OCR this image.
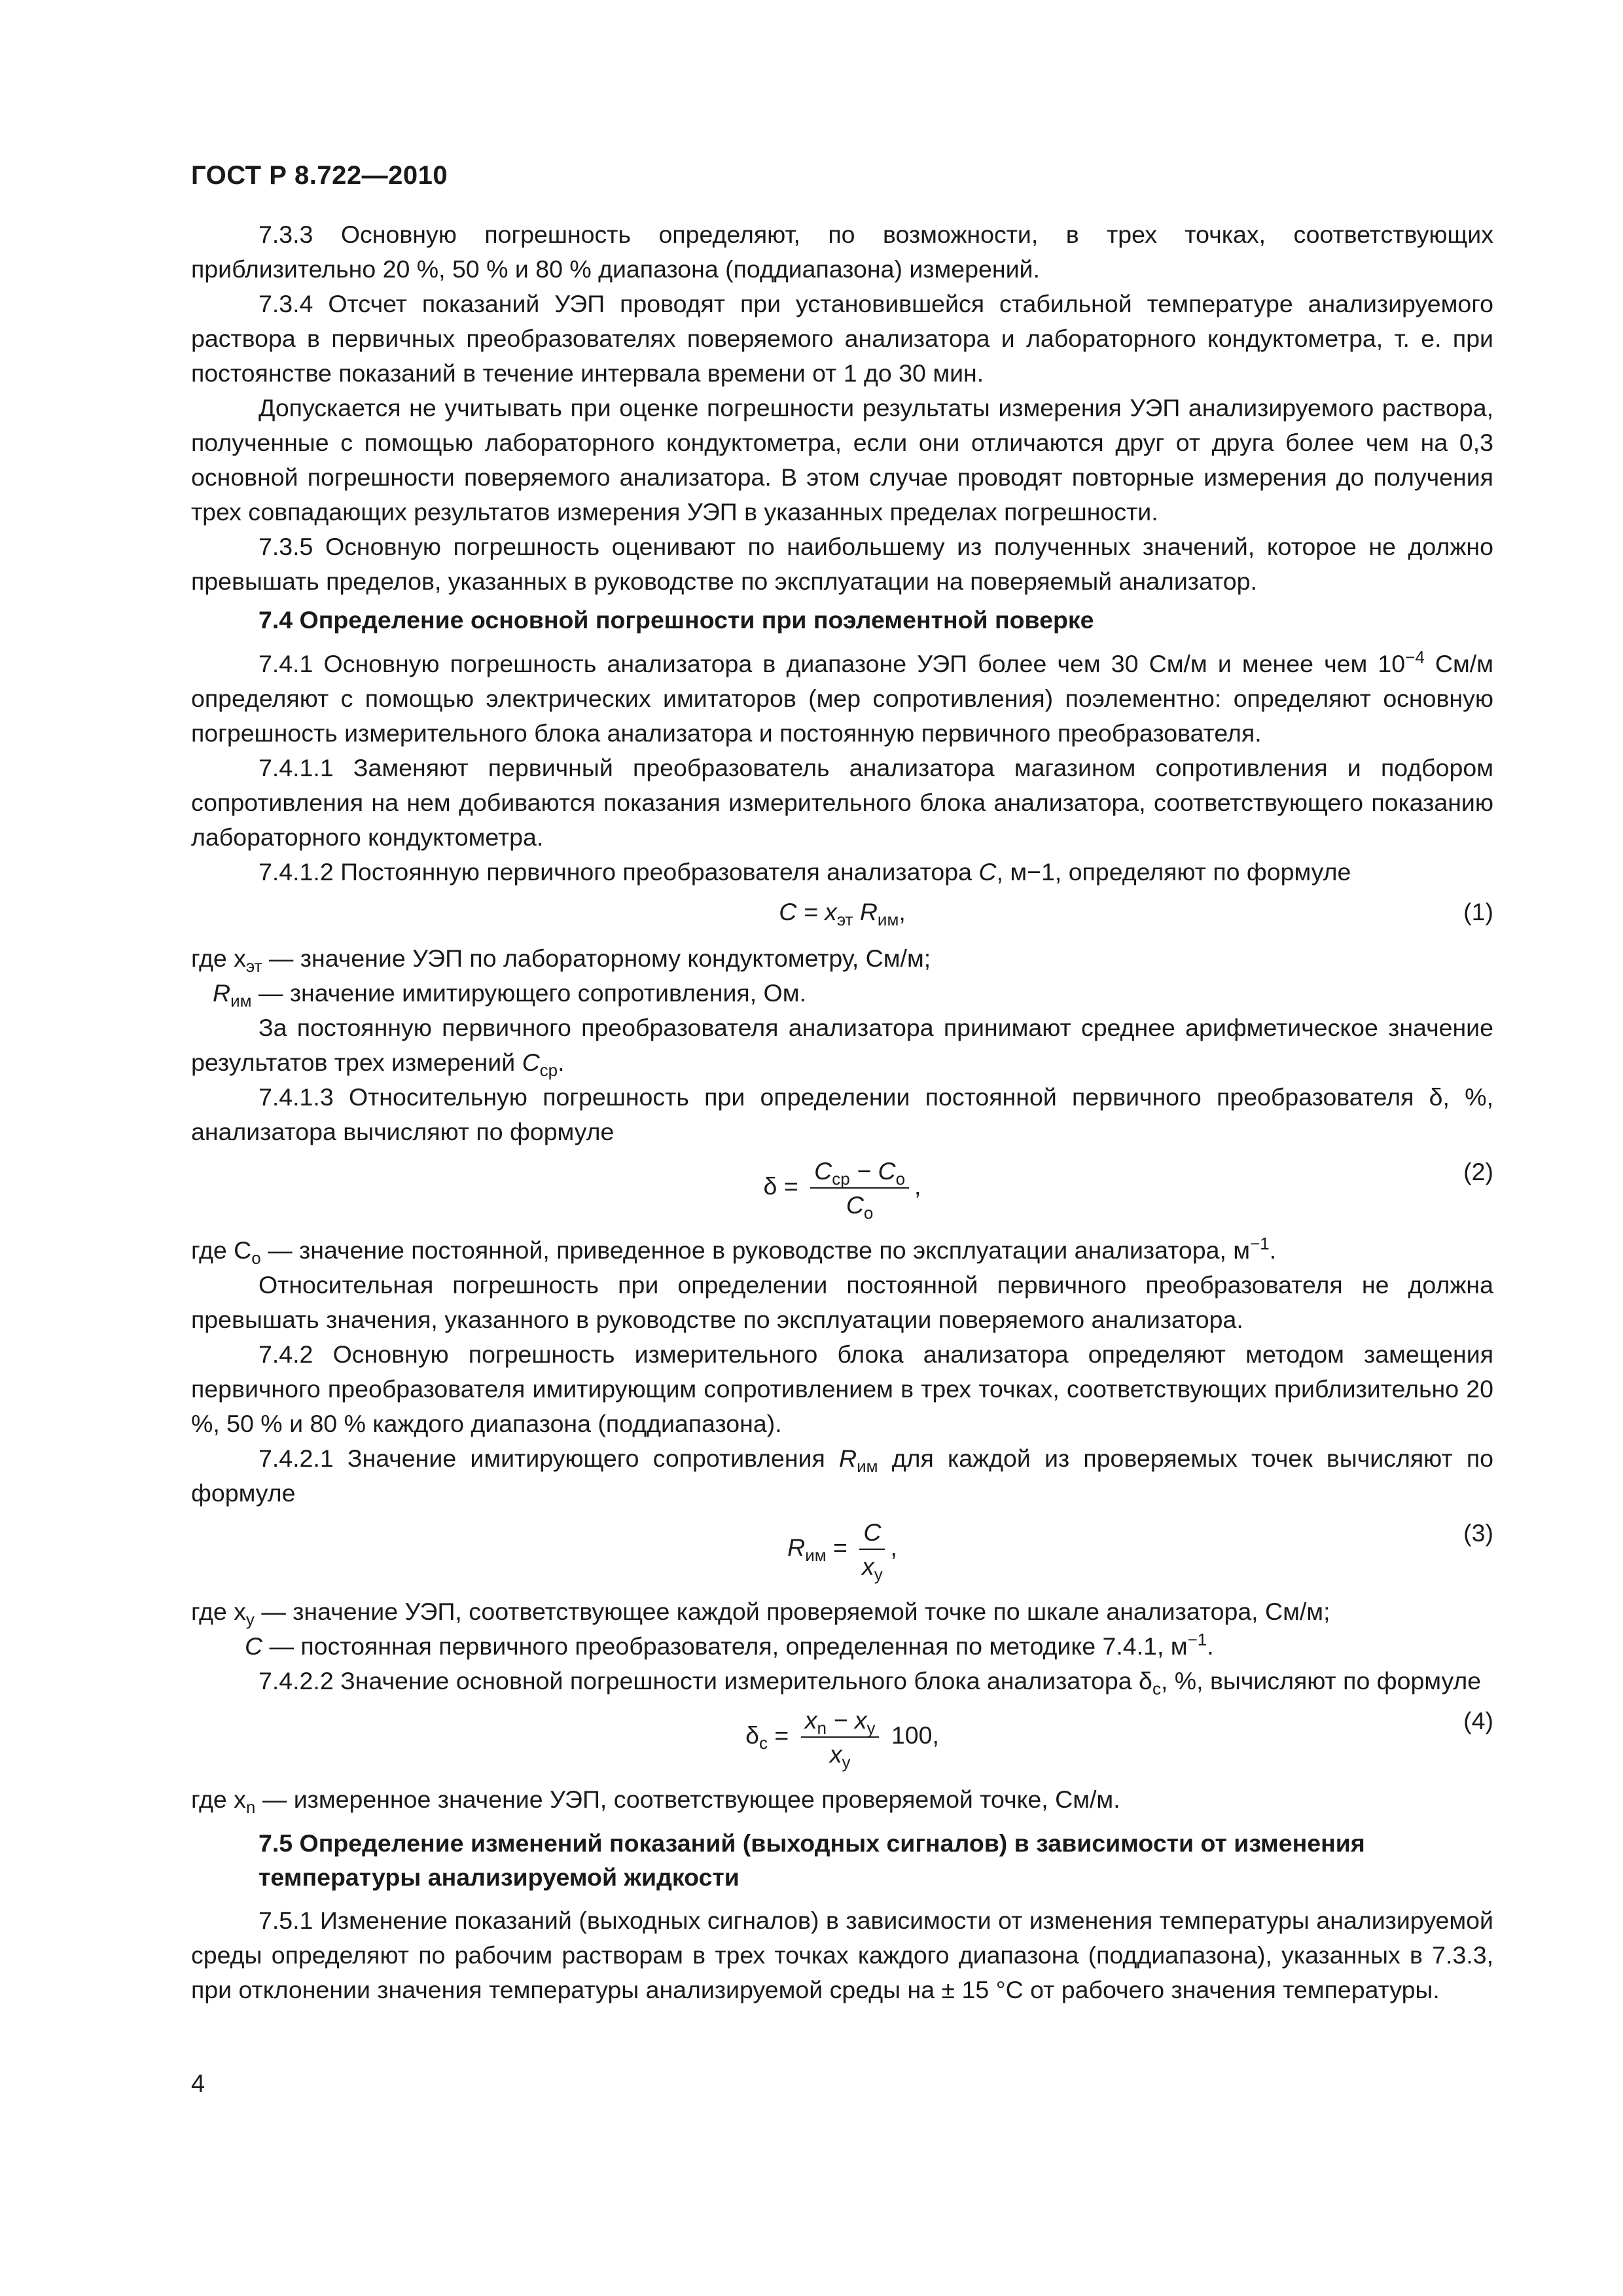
ГОСТ Р 8.722—2010

7.3.3 Основную погрешность определяют, по возможности, в трех точках, соответствующих приблизительно 20 %, 50 % и 80 % диапазона (поддиапазона) измерений.

7.3.4 Отсчет показаний УЭП проводят при установившейся стабильной температуре анализируемого раствора в первичных преобразователях поверяемого анализатора и лабораторного кондуктометра, т. е. при постоянстве показаний в течение интервала времени от 1 до 30 мин.

Допускается не учитывать при оценке погрешности результаты измерения УЭП анализируемого раствора, полученные с помощью лабораторного кондуктометра, если они отличаются друг от друга более чем на 0,3 основной погрешности поверяемого анализатора. В этом случае проводят повторные измерения до получения трех совпадающих результатов измерения УЭП в указанных пределах погрешности.

7.3.5 Основную погрешность оценивают по наибольшему из полученных значений, которое не должно превышать пределов, указанных в руководстве по эксплуатации на поверяемый анализатор.

7.4 Определение основной погрешности при поэлементной поверке

7.4.1 Основную погрешность анализатора в диапазоне УЭП более чем 30 См/м и менее чем $10^{-4}$ См/м определяют с помощью электрических имитаторов (мер сопротивления) поэлементно: определяют основную погрешность измерительного блока анализатора и постоянную первичного преобразователя.

7.4.1.1 Заменяют первичный преобразователь анализатора магазином сопротивления и подбором сопротивления на нем добиваются показания измерительного блока анализатора, соответствующего показанию лабораторного кондуктометра.

7.4.1.2 Постоянную первичного преобразователя анализатора C, м−1, определяют по формуле

$C = x_{эт}$ $R_{им}$,	(1)

где $x_{эт}$ — значение УЭП по лабораторному кондуктометру, См/м;

$R_{им}$ — значение имитирующего сопротивления, Ом.

За постоянную первичного преобразователя анализатора принимают среднее арифметическое значение результатов трех измерений $C_{ср}$.

7.4.1.3 Относительную погрешность при определении постоянной первичного преобразователя δ, %, анализатора вычисляют по формуле

$\delta = \frac{C_{ср} - C_о}{C_о}$ ,
(2)

где $C_о$ — значение постоянной, приведенное в руководстве по эксплуатации анализатора, $м^{-1}$.

Относительная погрешность при определении постоянной первичного преобразователя не должна превышать значения, указанного в руководстве по эксплуатации поверяемого анализатора.

7.4.2 Основную погрешность измерительного блока анализатора определяют методом замещения первичного преобразователя имитирующим сопротивлением в трех точках, соответствующих приблизительно 20 %, 50 % и 80 % каждого диапазона (поддиапазона).

7.4.2.1 Значение имитирующего сопротивления $R_{им}$ для каждой из проверяемых точек вычисляют по формуле

$R_{им} = \frac{C}{x_y}$ ,
(3)

где $x_y$ — значение УЭП, соответствующее каждой проверяемой точке по шкале анализатора, См/м;

C — постоянная первичного преобразователя, определенная по методике 7.4.1, $м^{-1}$.

7.4.2.2 Значение основной погрешности измерительного блока анализатора $\delta_c$, %, вычисляют по формуле

$\delta_c = \frac{x_n - x_y}{x_y} 100$,
(4)

где $x_n$ — измеренное значение УЭП, соответствующее проверяемой точке, См/м.

7.5 Определение изменений показаний (выходных сигналов) в зависимости от изменения температуры анализируемой жидкости

7.5.1 Изменение показаний (выходных сигналов) в зависимости от изменения температуры анализируемой среды определяют по рабочим растворам в трех точках каждого диапазона (поддиапазона), указанных в 7.3.3, при отклонении значения температуры анализируемой среды на ± 15 °С от рабочего значения температуры.

4
